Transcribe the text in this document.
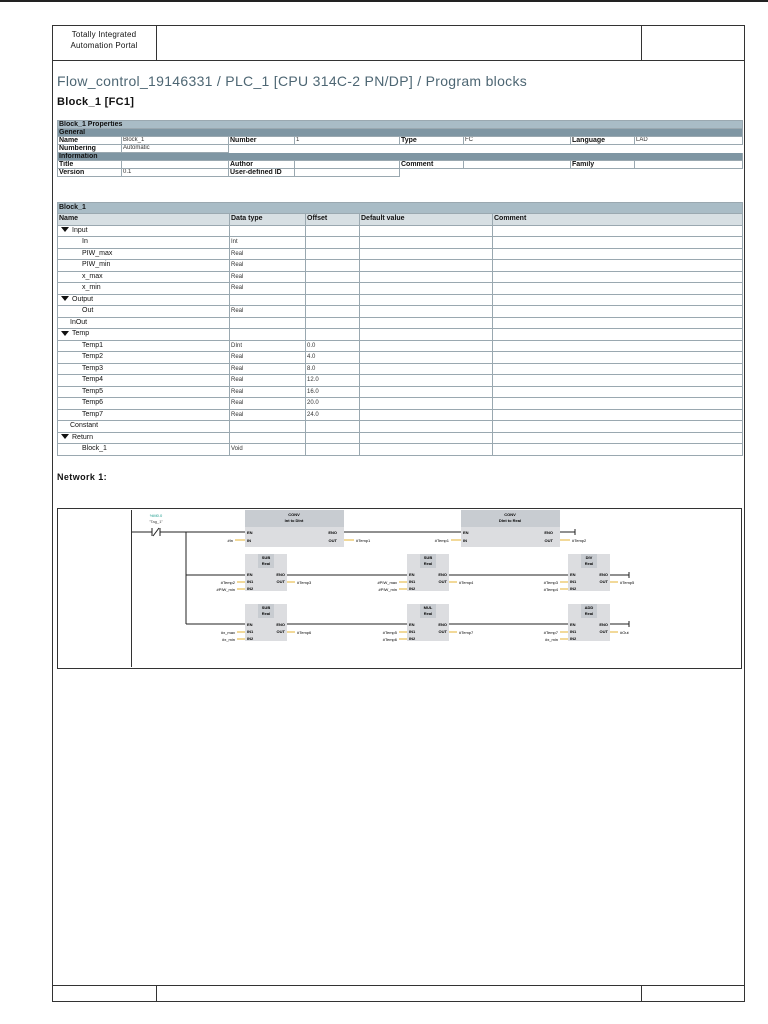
Totally Integrated
Automation Portal
Flow_control_19146331 / PLC_1 [CPU 314C-2 PN/DP] / Program blocks
Block_1 [FC1]
Block_1 Properties							
General							
Name	Block_1	Number	1	Type	FC	Language	LAD
Numbering	Automatic						
Information							
Title		Author		Comment		Family	
Version	0.1	User-defined ID					
Block_1				
Name	Data type	Offset	Default value	Comment
Input				
In	Int			
PIW_max	Real			
PIW_min	Real			
x_max	Real			
x_min	Real			
Output				
Out	Real			
InOut				
Temp				
Temp1	DInt	0.0		
Temp2	Real	4.0		
Temp3	Real	8.0		
Temp4	Real	12.0		
Temp5	Real	16.0		
Temp6	Real	20.0		
Temp7	Real	24.0		
Constant				
Return				
Block_1	Void			
Network 1:
%M0.0
"Tag_1"
CONV
Int to DInt
EN
IN
ENO
OUT
#In	#Temp1
CONV
DInt to Real
EN
IN
ENO
OUT
#Temp1	#Temp2
SUB
Real
EN
IN1
IN2
ENO
OUT
#Temp2
#PIW_min
#Temp3
SUB
Real
EN
IN1
IN2
ENO
OUT
#PIW_max
#PIW_min
#Temp4
DIV
Real
EN
IN1
IN2
ENO
OUT
#Temp3
#Temp4
#Temp5
SUB
Real
EN
IN1
IN2
ENO
OUT
#x_max
#x_min
#Temp6
MUL
Real
EN
IN1
IN2
ENO
OUT
#Temp5
#Temp6
#Temp7
ADD
Real
EN
IN1
IN2
ENO
OUT
#Temp7
#x_min
#Out
